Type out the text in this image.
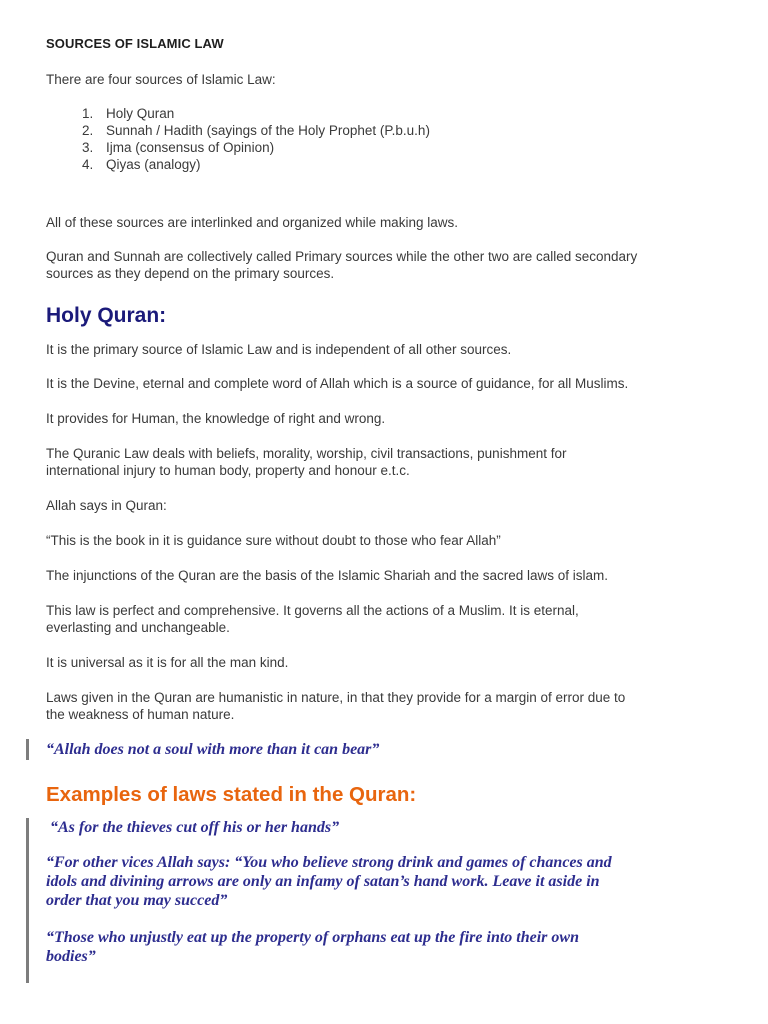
SOURCES OF ISLAMIC LAW

There are four sources of Islamic Law:

1. Holy Quran
2. Sunnah / Hadith (sayings of the Holy Prophet (P.b.u.h)
3. Ijma (consensus of Opinion)
4. Qiyas (analogy)

All of these sources are interlinked and organized while making laws.

Quran and Sunnah are collectively called Primary sources while the other two are called secondary

sources as they depend on the primary sources.

Holy Quran:

It is the primary source of Islamic Law and is independent of all other sources.

It is the Devine, eternal and complete word of Allah which is a source of guidance, for all Muslims.

It provides for Human, the knowledge of right and wrong.

The Quranic Law deals with beliefs, morality, worship, civil transactions, punishment for

international injury to human body, property and honour e.t.c.

Allah says in Quran:

“This is the book in it is guidance sure without doubt to those who fear Allah”

The injunctions of the Quran are the basis of the Islamic Shariah and the sacred laws of islam.

This law is perfect and comprehensive. It governs all the actions of a Muslim. It is eternal,

everlasting and unchangeable.

It is universal as it is for all the man kind.

Laws given in the Quran are humanistic in nature, in that they provide for a margin of error due to

the weakness of human nature.

“Allah does not a soul with more than it can bear”

Examples of laws stated in the Quran:

“As for the thieves cut off his or her hands”

“For other vices Allah says: “You who believe strong drink and games of chances and

idols and divining arrows are only an infamy of satan’s hand work. Leave it aside in

order that you may succed”

“Those who unjustly eat up the property of orphans eat up the fire into their own

bodies”
